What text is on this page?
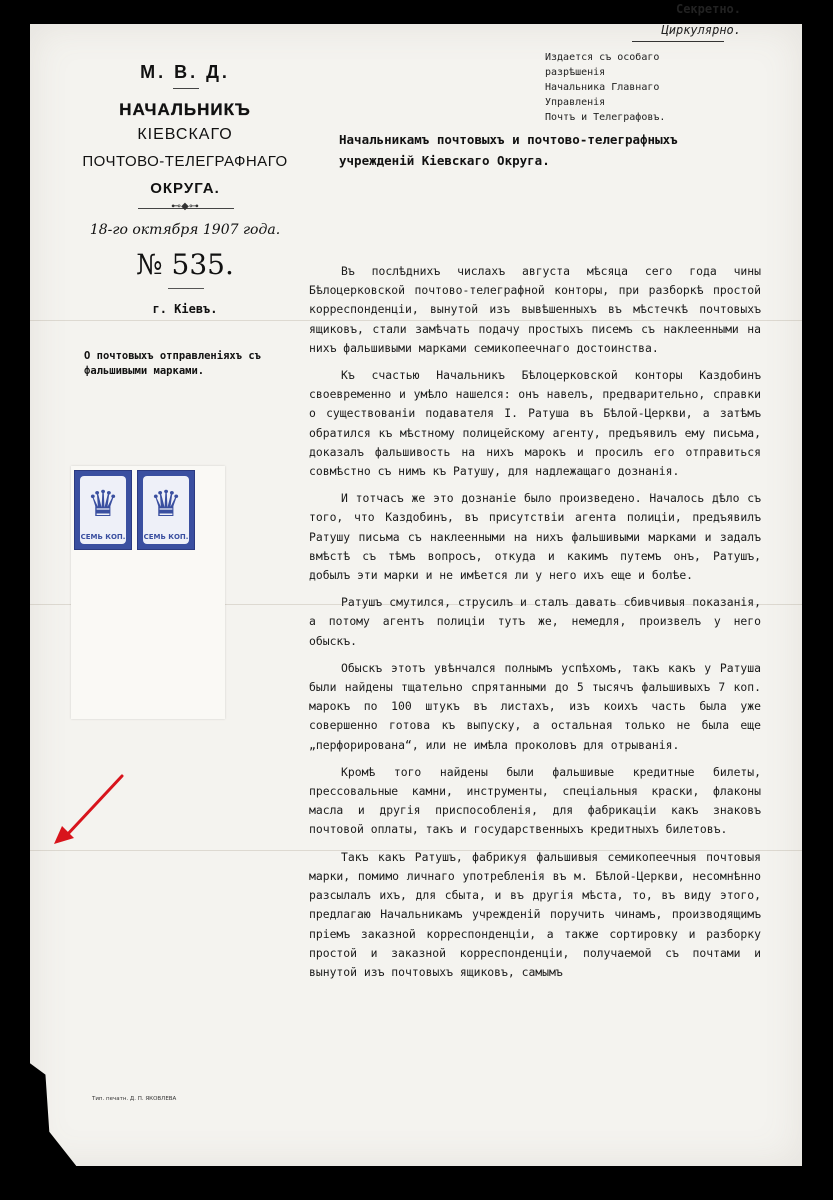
Секретно.
Циркулярно.
Издается съ особаго разрѣшенія
Начальника Главнаго Управленія
Почтъ и Телеграфовъ.
М. В. Д.
НАЧАЛЬНИКЪ
КІЕВСКАГО
ПОЧТОВО-ТЕЛЕГРАФНАГО
ОКРУГА.
⊷◆⊶
18-го октября 1907 года.
№ 535.
г. Кіевъ.
О почтовыхъ отправленіяхъ съ фальшивыми марками.
♛
СЕМЬ КОП.
♛
СЕМЬ КОП.
Тип. печатн. Д. П. ЯКОВЛЕВА
Начальникамъ почтовыхъ и почтово-телеграфныхъ учрежденій Кіевскаго Округа.

Въ послѣднихъ числахъ августа мѣсяца сего года чины Бѣлоцерковской почтово-телеграфной конторы, при разборкѣ простой корреспонденціи, вынутой изъ вывѣшенныхъ въ мѣстечкѣ почтовыхъ ящиковъ, стали замѣчать подачу простыхъ писемъ съ наклеенными на нихъ фальшивыми марками семикопеечнаго достоинства.

Къ счастью Начальникъ Бѣлоцерковской конторы Каздобинъ своевременно и умѣло нашелся: онъ навелъ, предварительно, справки о существованіи подавателя І. Ратуша въ Бѣлой-Церкви, а затѣмъ обратился къ мѣстному полицейскому агенту, предъявилъ ему письма, доказалъ фальшивость на нихъ марокъ и просилъ его отправиться совмѣстно съ нимъ къ Ратушу, для надлежащаго дознанія.

И тотчасъ же это дознаніе было произведено. Началось дѣло съ того, что Каздобинъ, въ присутствіи агента полиціи, предъявилъ Ратушу письма съ наклеенными на нихъ фальшивыми марками и задалъ вмѣстѣ съ тѣмъ вопросъ, откуда и какимъ путемъ онъ, Ратушъ, добылъ эти марки и не имѣется ли у него ихъ еще и болѣе.

Ратушъ смутился, струсилъ и сталъ давать сбивчивыя показанія, а потому агентъ полиціи тутъ же, немедля, произвелъ у него обыскъ.

Обыскъ этотъ увѣнчался полнымъ успѣхомъ, такъ какъ у Ратуша были найдены тщательно спрятанными до 5 тысячъ фальшивыхъ 7 коп. марокъ по 100 штукъ въ листахъ, изъ коихъ часть была уже совершенно готова къ выпуску, а остальная только не была еще „перфорирована“, или не имѣла проколовъ для отрыванія.

Кромѣ того найдены были фальшивые кредитные билеты, прессовальные камни, инструменты, спеціальныя краски, флаконы масла и другія приспособленія, для фабрикаціи какъ знаковъ почтовой оплаты, такъ и государственныхъ кредитныхъ билетовъ.

Такъ какъ Ратушъ, фабрикуя фальшивыя семикопеечныя почтовыя марки, помимо личнаго употребленія въ м. Бѣлой-Церкви, несомнѣнно разсылалъ ихъ, для сбыта, и въ другія мѣста, то, въ виду этого, предлагаю Начальникамъ учрежденій поручить чинамъ, производящимъ пріемъ заказной корреспонденціи, а также сортировку и разборку простой и заказной корреспонденціи, получаемой съ почтами и вынутой изъ почтовыхъ ящиковъ, самымъ
